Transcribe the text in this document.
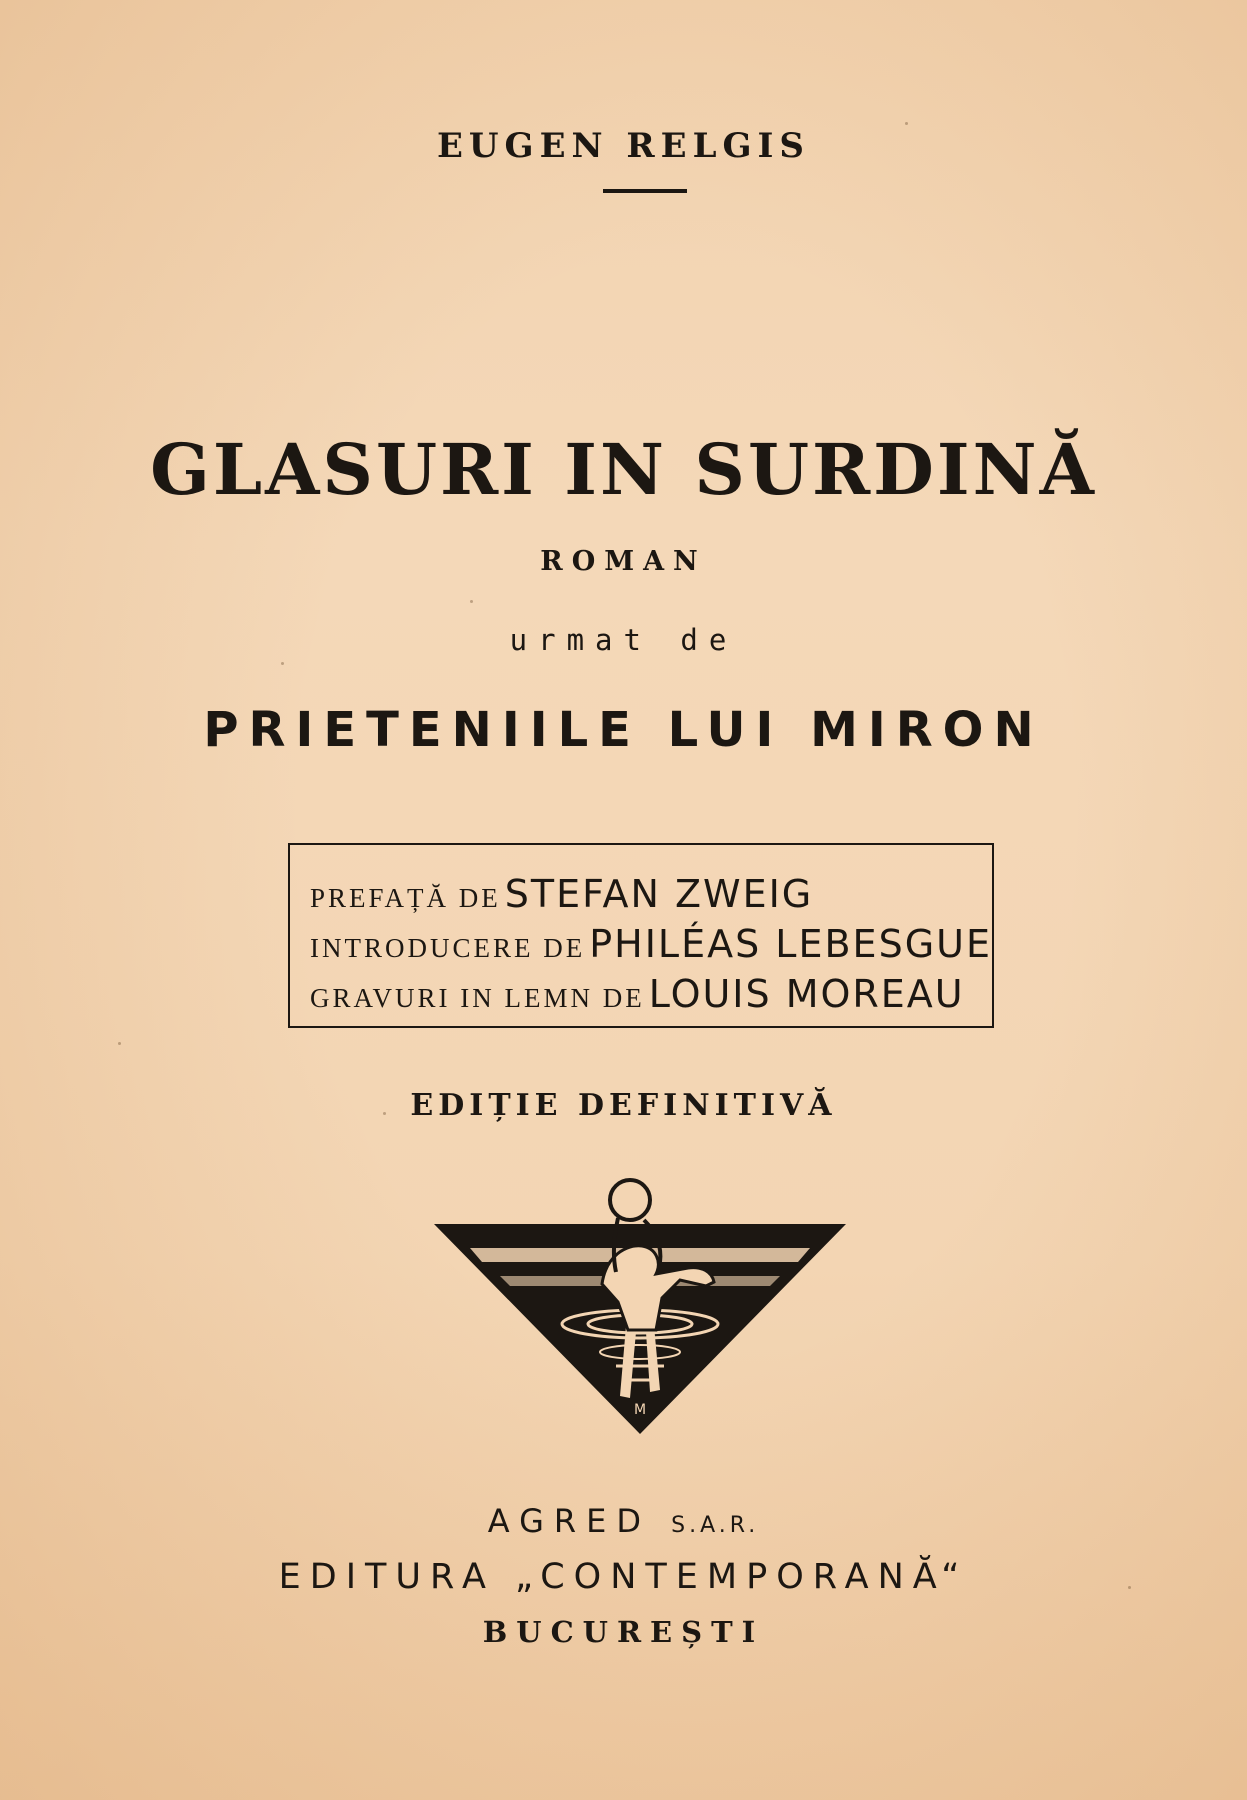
EUGEN RELGIS
GLASURI IN SURDINĂ
ROMAN
urmat de
PRIETENIILE LUI MIRON
PREFAȚĂ DE STEFAN ZWEIG
INTRODUCERE DE PHILÉAS LEBESGUE
GRAVURI IN LEMN DE LOUIS MOREAU
EDIȚIE DEFINITIVĂ
M
AGRED S.A.R.
EDITURA „CONTEMPORANĂ“
BUCUREȘTI
